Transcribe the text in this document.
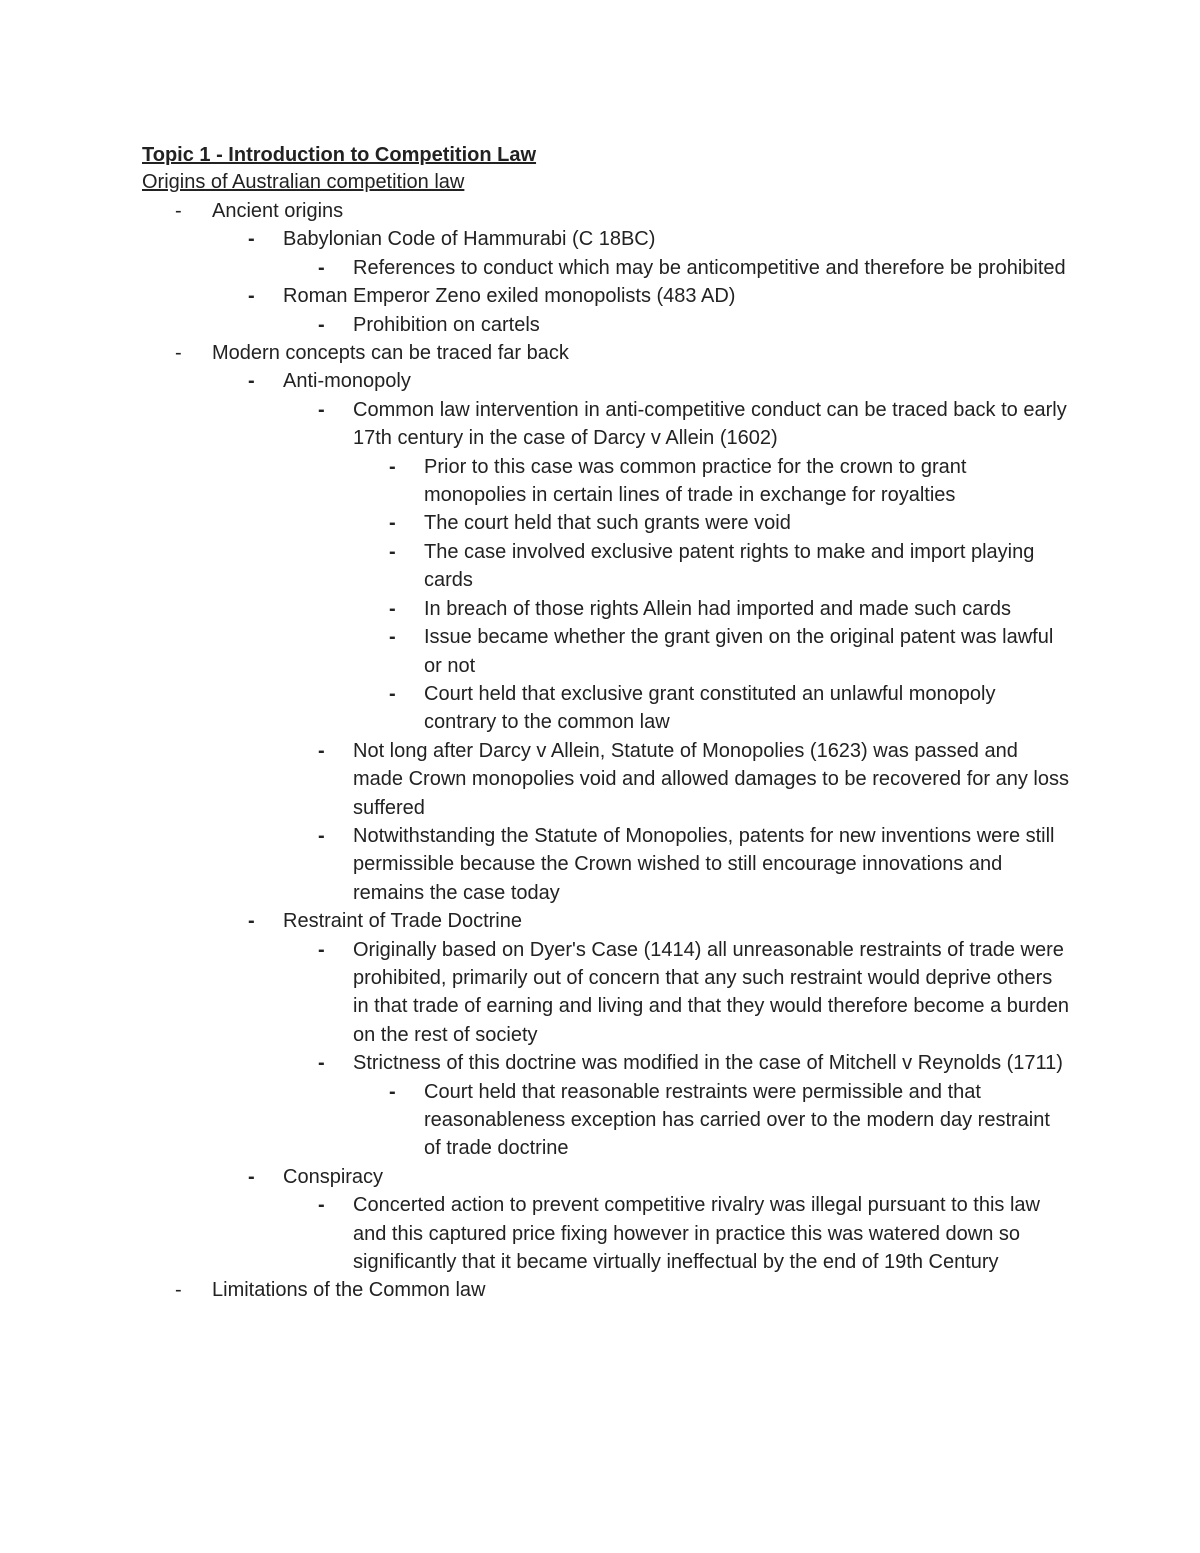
Topic 1 - Introduction to Competition Law
Origins of Australian competition law
- Ancient origins
- Babylonian Code of Hammurabi (C 18BC)
- References to conduct which may be anticompetitive and therefore be prohibited
- Roman Emperor Zeno exiled monopolists (483 AD)
- Prohibition on cartels
- Modern concepts can be traced far back
- Anti-monopoly
- Common law intervention in anti-competitive conduct can be traced back to early 17th century in the case of Darcy v Allein (1602)
- Prior to this case was common practice for the crown to grant monopolies in certain lines of trade in exchange for royalties
- The court held that such grants were void
- The case involved exclusive patent rights to make and import playing cards
- In breach of those rights Allein had imported and made such cards
- Issue became whether the grant given on the original patent was lawful or not
- Court held that exclusive grant constituted an unlawful monopoly contrary to the common law
- Not long after Darcy v Allein, Statute of Monopolies (1623) was passed and made Crown monopolies void and allowed damages to be recovered for any loss suffered
- Notwithstanding the Statute of Monopolies, patents for new inventions were still permissible because the Crown wished to still encourage innovations and remains the case today
- Restraint of Trade Doctrine
- Originally based on Dyer's Case (1414) all unreasonable restraints of trade were prohibited, primarily out of concern that any such restraint would deprive others in that trade of earning and living and that they would therefore become a burden on the rest of society
- Strictness of this doctrine was modified in the case of Mitchell v Reynolds (1711)
- Court held that reasonable restraints were permissible and that reasonableness exception has carried over to the modern day restraint of trade doctrine
- Conspiracy
- Concerted action to prevent competitive rivalry was illegal pursuant to this law and this captured price fixing however in practice this was watered down so significantly that it became virtually ineffectual by the end of 19th Century
- Limitations of the Common law
